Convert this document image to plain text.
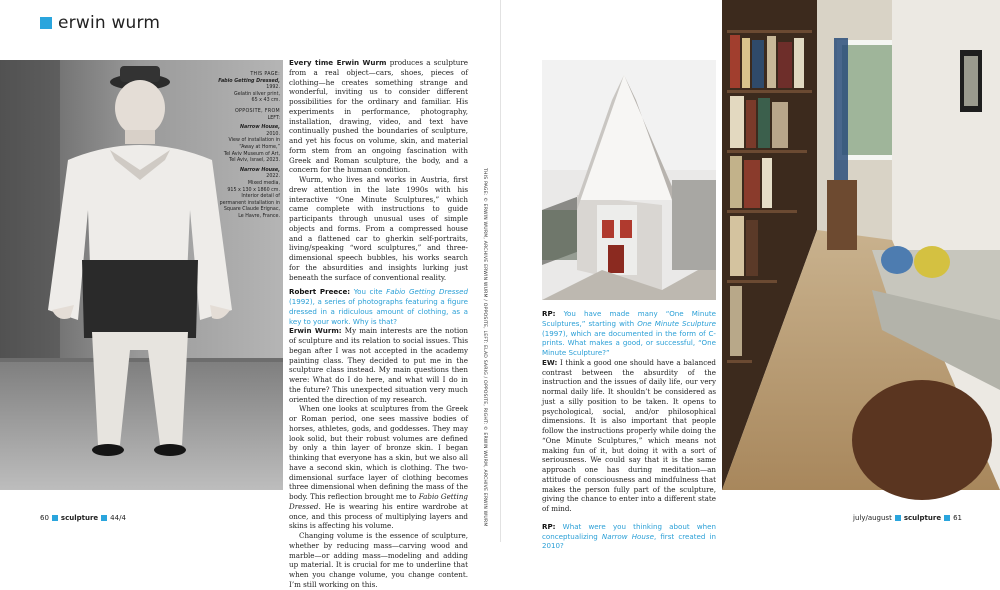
erwin wurm
THIS PAGE:
Fabio Getting Dressed,
1992.
Gelatin silver print,
65 x 43 cm.
OPPOSITE, FROM
LEFT:
Narrow House,
2010.
View of installation in
“Away at Home,”
Tel Aviv Museum of Art,
Tel Aviv, Israel, 2023.
Narrow House,
2022.
Mixed media,
915 x 130 x 1860 cm.
Interior detail of
permanent installation in
Square Claude Erignac,
Le Havre, France.

Every time Erwin Wurm produces a sculpture from a real object—cars, shoes, pieces of clothing—he creates something strange and wonderful, inviting us to consider different possibilities for the ordinary and familiar. His experiments in performance, photography, installation, drawing, video, and text have continually pushed the boundaries of sculpture, and yet his focus on volume, skin, and material form stem from an ongoing fascination with Greek and Roman sculpture, the body, and a concern for the human condition.

Wurm, who lives and works in Austria, first drew attention in the late 1990s with his interactive “One Minute Sculptures,” which came complete with instructions to guide participants through unusual uses of simple objects and forms. From a compressed house and a flattened car to gherkin self-portraits, living/speaking “word sculptures,” and three-dimensional speech bubbles, his works search for the absurdities and insights lurking just beneath the surface of conventional reality.

Robert Preece: You cite Fabio Getting Dressed (1992), a series of photographs featuring a figure dressed in a ridiculous amount of clothing, as a key to your work. Why is that?

Erwin Wurm: My main interests are the notion of sculpture and its relation to social issues. This began after I was not accepted in the academy painting class. They decided to put me in the sculpture class instead. My main questions then were: What do I do here, and what will I do in the future? This unexpected situation very much oriented the direction of my research.

When one looks at sculptures from the Greek or Roman period, one sees massive bodies of horses, athletes, gods, and goddesses. They may look solid, but their robust volumes are defined by only a thin layer of bronze skin. I began thinking that everyone has a skin, but we also all have a second skin, which is clothing. The two-dimensional surface layer of clothing becomes three dimensional when defining the mass of the body. This reflection brought me to Fabio Getting Dressed. He is wearing his entire wardrobe at once, and this process of multiplying layers and skins is affecting his volume.

Changing volume is the essence of sculpture, whether by reducing mass—carving wood and marble—or adding mass—modeling and adding up material. It is crucial for me to underline that when you change volume, you change content. I’m still working on this.

THIS PAGE: © ERWIN WURM, ARCHIVE ERWIN WURM / OPPOSITE, LEFT: ELAD SARIG / OPPOSITE, RIGHT: © ERWIN WURM, ARCHIVE ERWIN WURM
60 sculpture 44/4

RP: You have made many “One Minute Sculptures,” starting with One Minute Sculpture (1997), which are documented in the form of C-prints. What makes a good, or successful, “One Minute Sculpture?”

EW: I think a good one should have a balanced contrast between the absurdity of the instruction and the issues of daily life, our very normal daily life. It shouldn’t be considered as just a silly position to be taken. It opens to psychological, social, and/or philosophical dimensions. It is also important that people follow the instructions properly while doing the “One Minute Sculptures,” which means not making fun of it, but doing it with a sort of seriousness. We could say that it is the same approach one has during meditation—an attitude of consciousness and mindfulness that makes the person fully part of the sculpture, giving the chance to enter into a different state of mind.

RP: What were you thinking about when conceptualizing Narrow House, first created in 2010?

july/august sculpture 61
